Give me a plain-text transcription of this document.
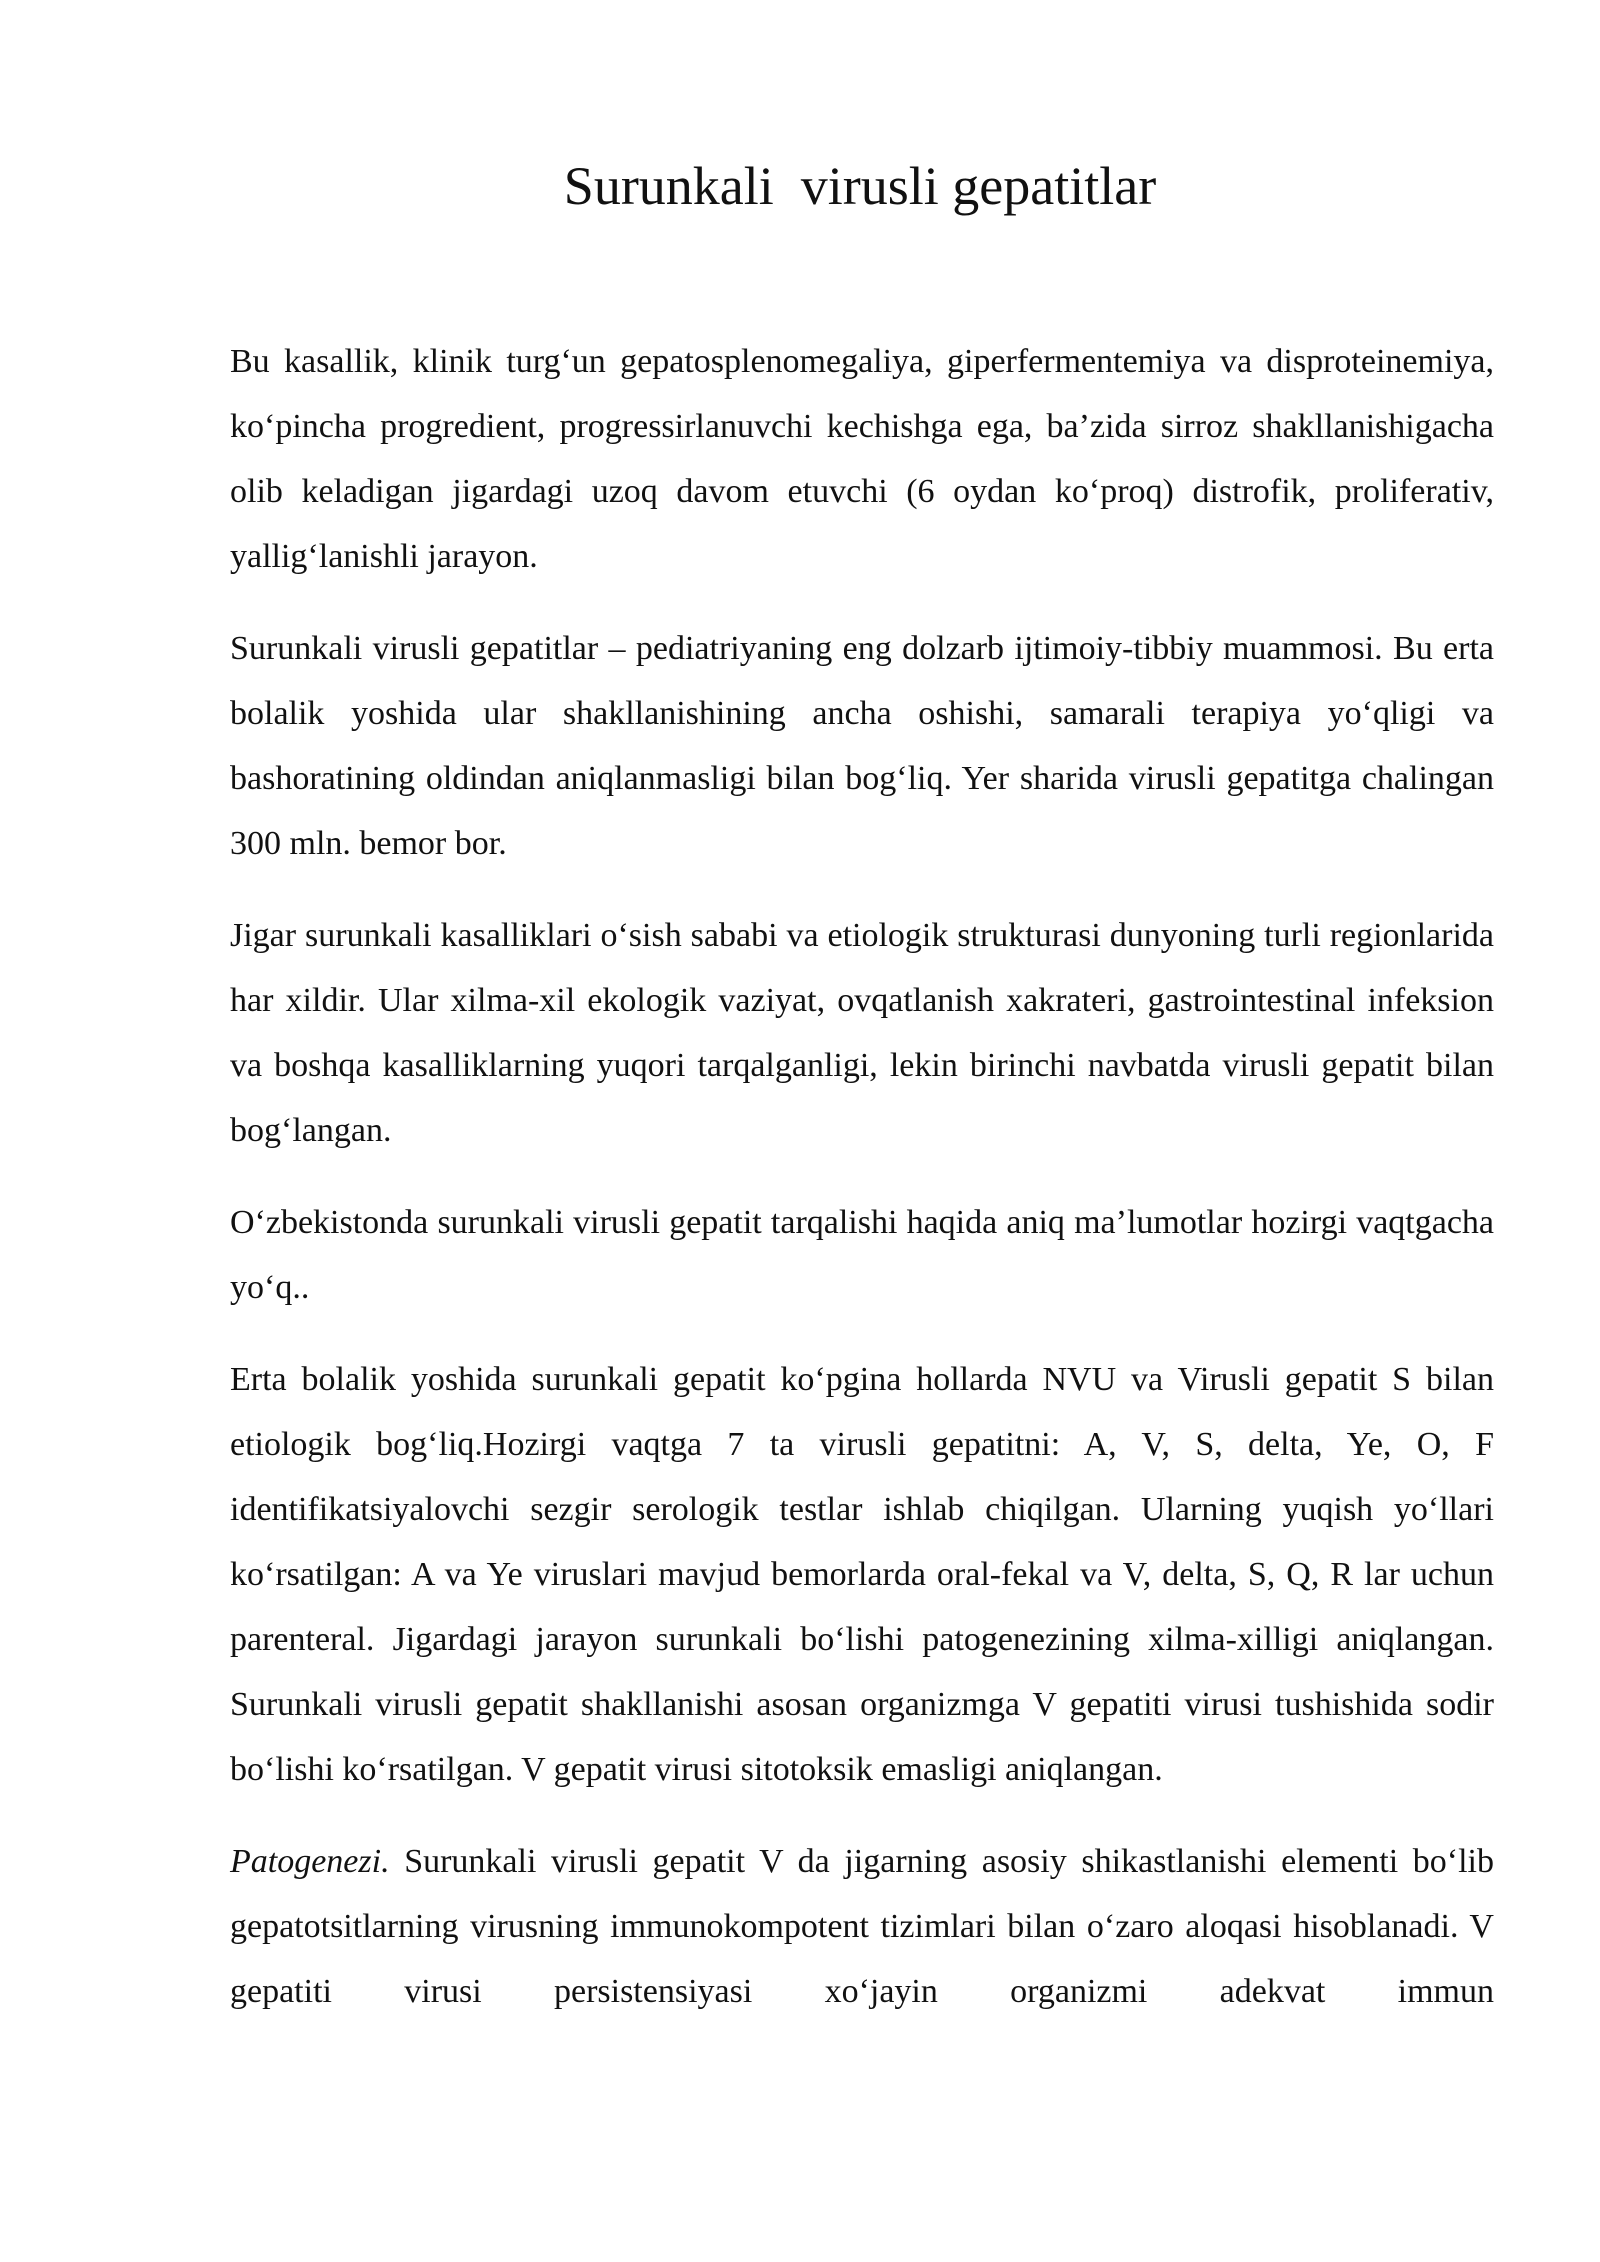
Surunkali  virusli gepatitlar

Bu kasallik, klinik turg‘un gepatosplenomegaliya, giperfermentemiya va disproteinemiya, ko‘pincha progredient, progressirlanuvchi kechishga ega, ba’zida sirroz shakllanishigacha olib keladigan jigardagi uzoq davom etuvchi (6 oydan ko‘proq) distrofik, proliferativ, yallig‘lanishli jarayon.

Surunkali virusli gepatitlar – pediatriyaning eng dolzarb ijtimoiy-tibbiy muammosi. Bu erta bolalik yoshida ular shakllanishining ancha oshishi, samarali terapiya yo‘qligi va bashoratining oldindan aniqlanmasligi bilan bog‘liq. Yer sharida virusli gepatitga chalingan 300 mln. bemor bor.

Jigar surunkali kasalliklari o‘sish sababi va etiologik strukturasi dunyoning turli regionlarida har xildir. Ular xilma-xil ekologik vaziyat, ovqatlanish xakrateri, gastrointestinal infeksion va boshqa kasalliklarning yuqori tarqalganligi, lekin birinchi navbatda virusli gepatit bilan bog‘langan.

O‘zbekistonda surunkali virusli gepatit tarqalishi haqida aniq ma’lumotlar hozirgi vaqtgacha yo‘q..

Erta bolalik yoshida surunkali gepatit ko‘pgina hollarda NVU va Virusli gepatit S bilan etiologik bog‘liq.Hozirgi vaqtga 7 ta virusli gepatitni: A, V, S, delta, Ye, O, F identifikatsiyalovchi sezgir serologik testlar ishlab chiqilgan. Ularning yuqish yo‘llari ko‘rsatilgan: A va Ye viruslari mavjud bemorlarda oral-fekal va V, delta, S, Q, R lar uchun parenteral. Jigardagi jarayon surunkali bo‘lishi patogenezining xilma-xilligi aniqlangan. Surunkali virusli gepatit shakllanishi asosan organizmga V gepatiti virusi tushishida sodir bo‘lishi ko‘rsatilgan. V gepatit virusi sitotoksik emasligi aniqlangan.

Patogenezi. Surunkali virusli gepatit V da jigarning asosiy shikastlanishi elementi bo‘lib gepatotsitlarning virusning immunokompotent tizimlari bilan o‘zaro aloqasi hisoblanadi. V gepatiti virusi persistensiyasi xo‘jayin organizmi adekvat immun
